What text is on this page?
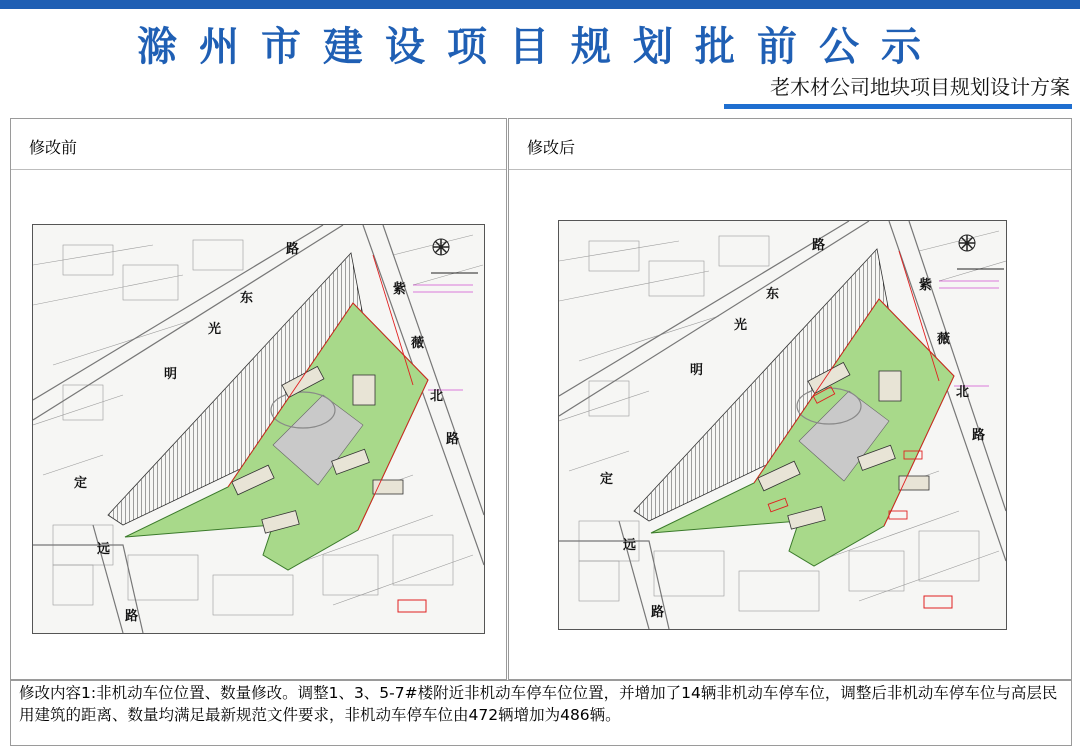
滁州市建设项目规划批前公示
老木材公司地块项目规划设计方案
修改前
路
东
光
明
紫
薇
北
路
定
远
路
修改后
路
东
光
明
紫
薇
北
路
定
远
路
修改内容1:非机动车位位置、数量修改。调整1、3、5-7#楼附近非机动车停车位位置，并增加了14辆非机动车停车位，调整后非机动车停车位与高层民用建筑的距离、数量均满足最新规范文件要求，非机动车停车位由472辆增加为486辆。
